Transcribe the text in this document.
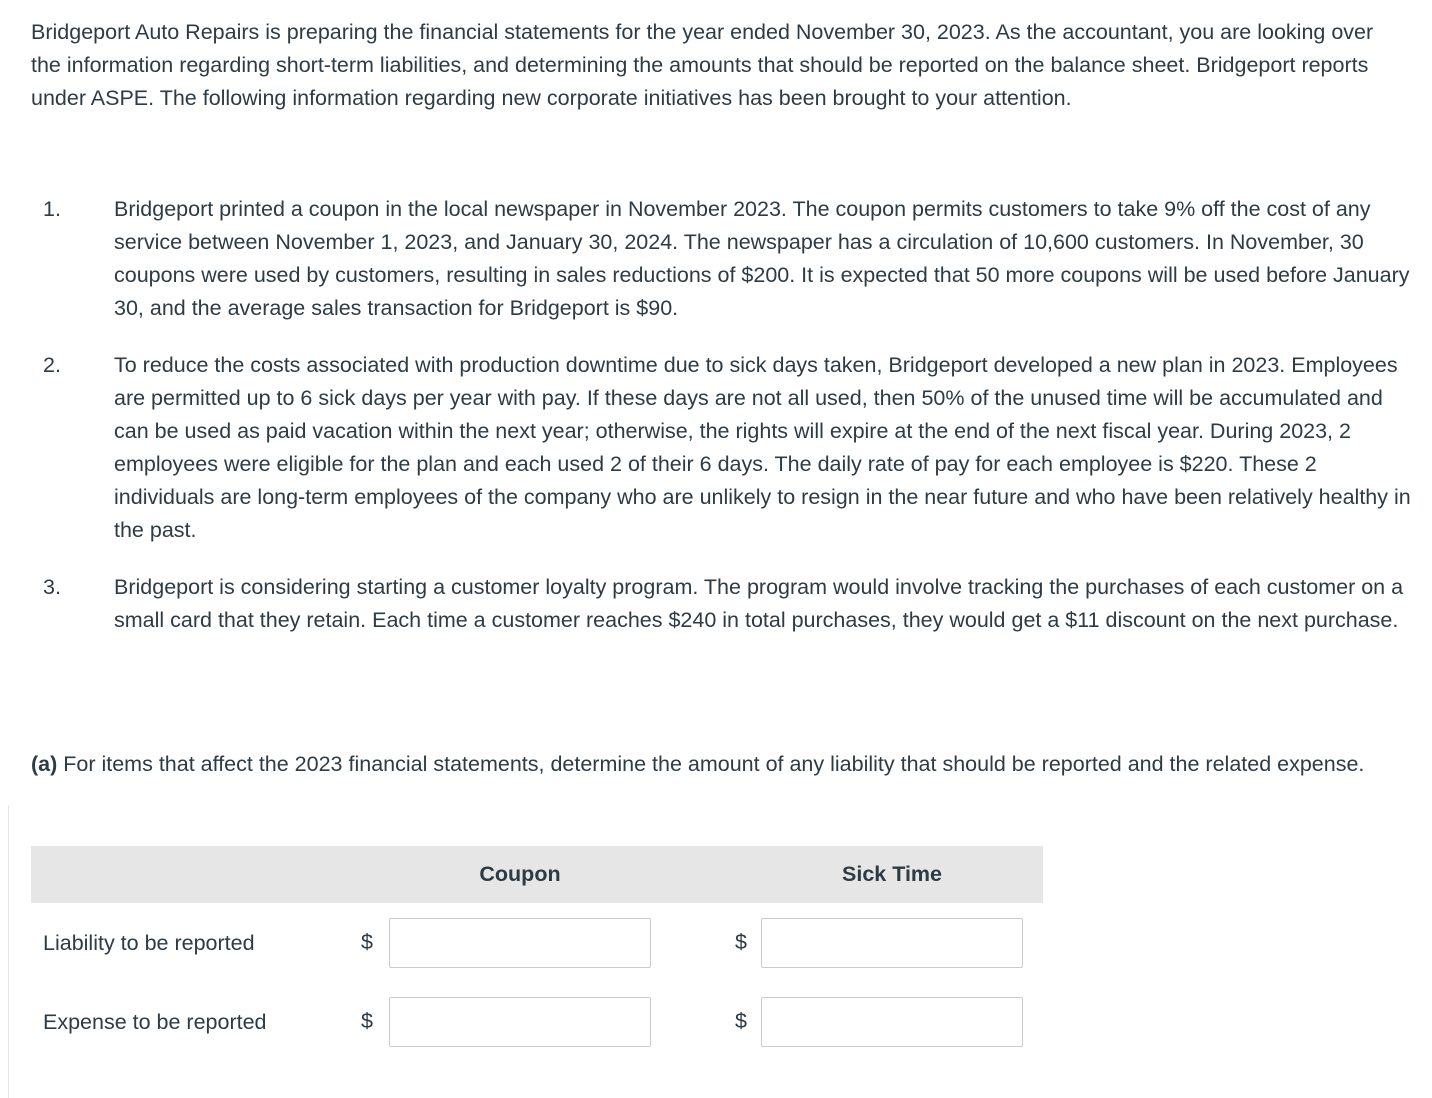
Bridgeport Auto Repairs is preparing the financial statements for the year ended November 30, 2023. As the accountant, you are looking over the information regarding short-term liabilities, and determining the amounts that should be reported on the balance sheet. Bridgeport reports under ASPE. The following information regarding new corporate initiatives has been brought to your attention.

1.	Bridgeport printed a coupon in the local newspaper in November 2023. The coupon permits customers to take 9% off the cost of any service between November 1, 2023, and January 30, 2024. The newspaper has a circulation of 10,600 customers. In November, 30 coupons were used by customers, resulting in sales reductions of $200. It is expected that 50 more coupons will be used before January 30, and the average sales transaction for Bridgeport is $90.
2.	To reduce the costs associated with production downtime due to sick days taken, Bridgeport developed a new plan in 2023. Employees are permitted up to 6 sick days per year with pay. If these days are not all used, then 50% of the unused time will be accumulated and can be used as paid vacation within the next year; otherwise, the rights will expire at the end of the next fiscal year. During 2023, 2 employees were eligible for the plan and each used 2 of their 6 days. The daily rate of pay for each employee is $220. These 2 individuals are long-term employees of the company who are unlikely to resign in the near future and who have been relatively healthy in the past.
3.	Bridgeport is considering starting a customer loyalty program. The program would involve tracking the purchases of each customer on a small card that they retain. Each time a customer reaches $240 in total purchases, they would get a $11 discount on the next purchase.

(a) For items that affect the 2023 financial statements, determine the amount of any liability that should be reported and the related expense.

Coupon	Sick Time
Liability to be reported	$	$
Expense to be reported	$	$
